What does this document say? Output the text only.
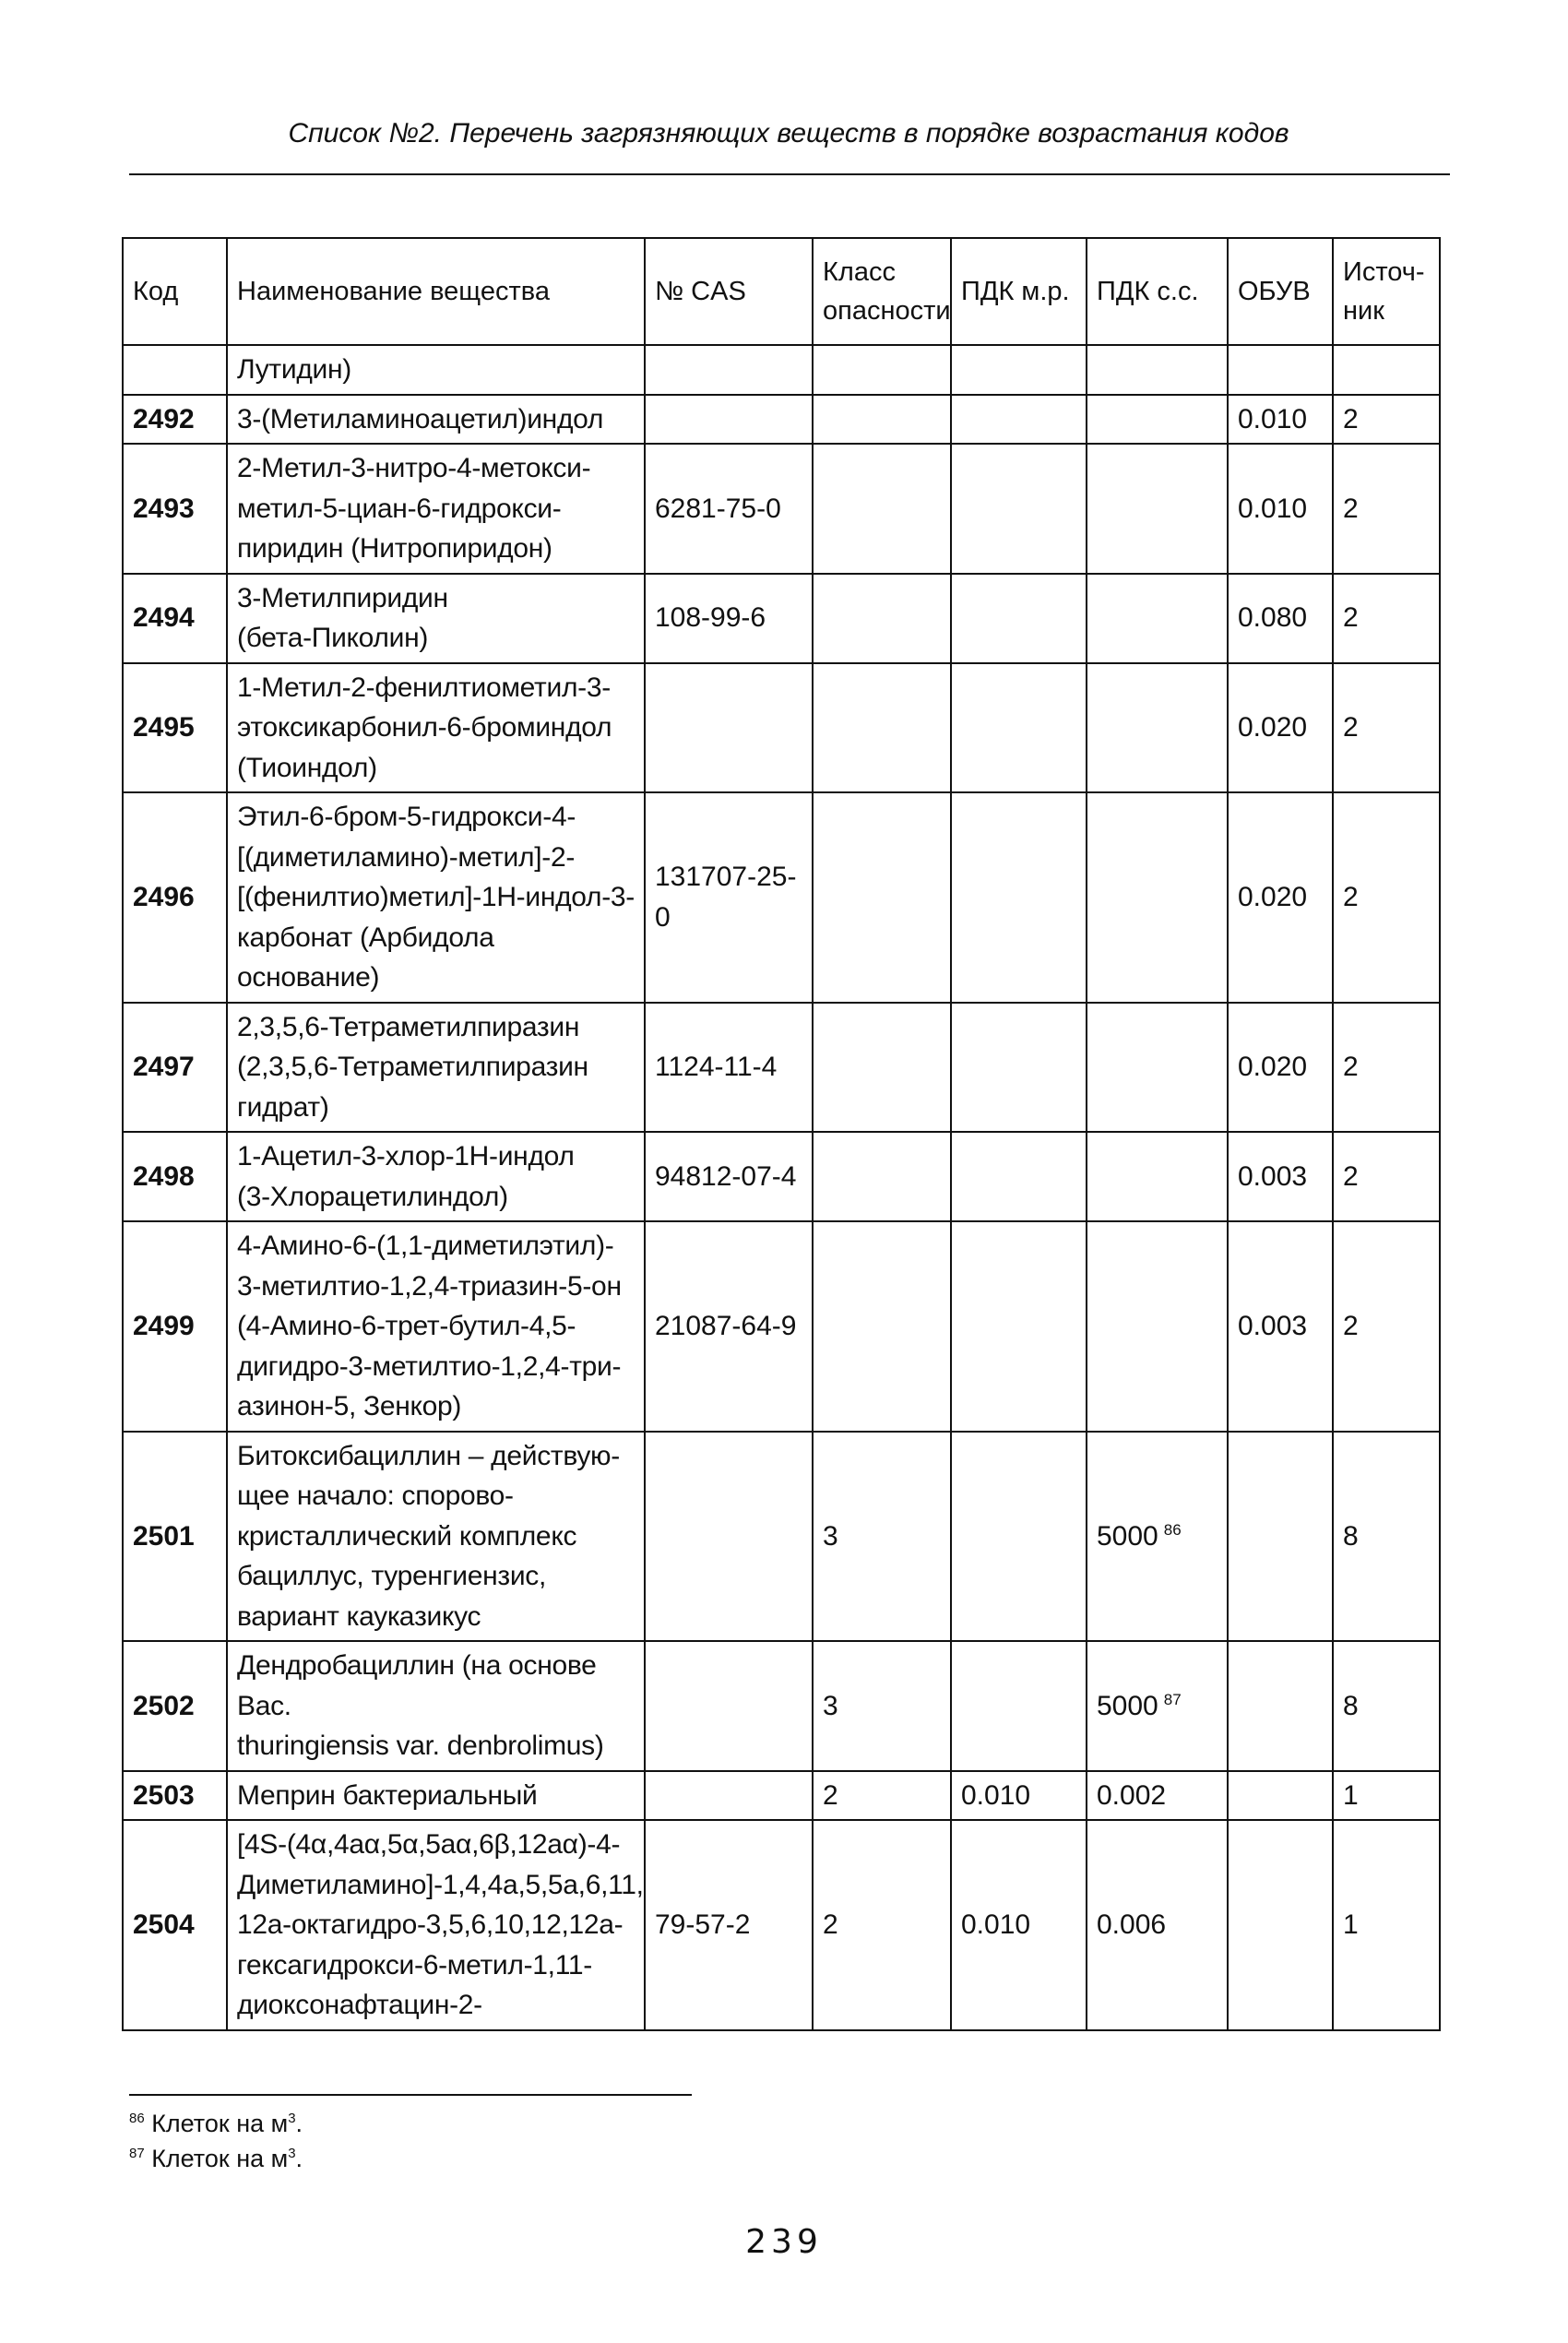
Список №2. Перечень загрязняющих веществ в порядке возрастания кодов
Код	Наименование вещества	№ CAS	Класс опасности	ПДК м.р.	ПДК с.с.	ОБУВ	Источ-ник
	Лутидин)						
2492	3-(Метиламиноацетил)индол					0.010	2
2493	2-Метил-3-нитро-4-метокси-
метил-5-циан-6-гидрокси-
пиридин (Нитропиридон)	6281-75-0				0.010	2
2494	3-Метилпиридин
(бета-Пиколин)	108-99-6				0.080	2
2495	1-Метил-2-фенилтиометил-3-
этоксикарбонил-6-броминдол
(Тиоиндол)					0.020	2
2496	Этил-6-бром-5-гидрокси-4-
[(диметиламино)-метил]-2-
[(фенилтио)метил]-1Н-индол-3-
карбонат (Арбидола основание)	131707-25-0				0.020	2
2497	2,3,5,6-Тетраметилпиразин
(2,3,5,6-Тетраметилпиразин
гидрат)	1124-11-4				0.020	2
2498	1-Ацетил-3-хлор-1Н-индол
(3-Хлорацетилиндол)	94812-07-4				0.003	2
2499	4-Амино-6-(1,1-диметилэтил)-
3-метилтио-1,2,4-триазин-5-он
(4-Амино-6-трет-бутил-4,5-
дигидро-3-метилтио-1,2,4-три-
азинон-5, Зенкор)	21087-64-9				0.003	2
2501	Битоксибациллин – действую-
щее начало: спорово-
кристаллический комплекс
бациллус, туренгиензис,
вариант каукaзикус		3		5000 $^{86}$		8
2502	Дендробациллин (на основе Bac.
thuringiensis var. denbrolimus)		3		5000 $^{87}$		8
2503	Меприн бактериальный		2	0.010	0.002		1
2504	[4S-(4α,4aα,5α,5aα,6β,12aα)-4-
Диметиламино]-1,4,4a,5,5a,6,11,
12a-октагидро-3,5,6,10,12,12a-
гексагидрокси-6-метил-1,11-
диоксонафтацин-2-	79-57-2	2	0.010	0.006		1
$^{86}$ Клеток на $м^3$.
$^{87}$ Клеток на $м^3$.
239
